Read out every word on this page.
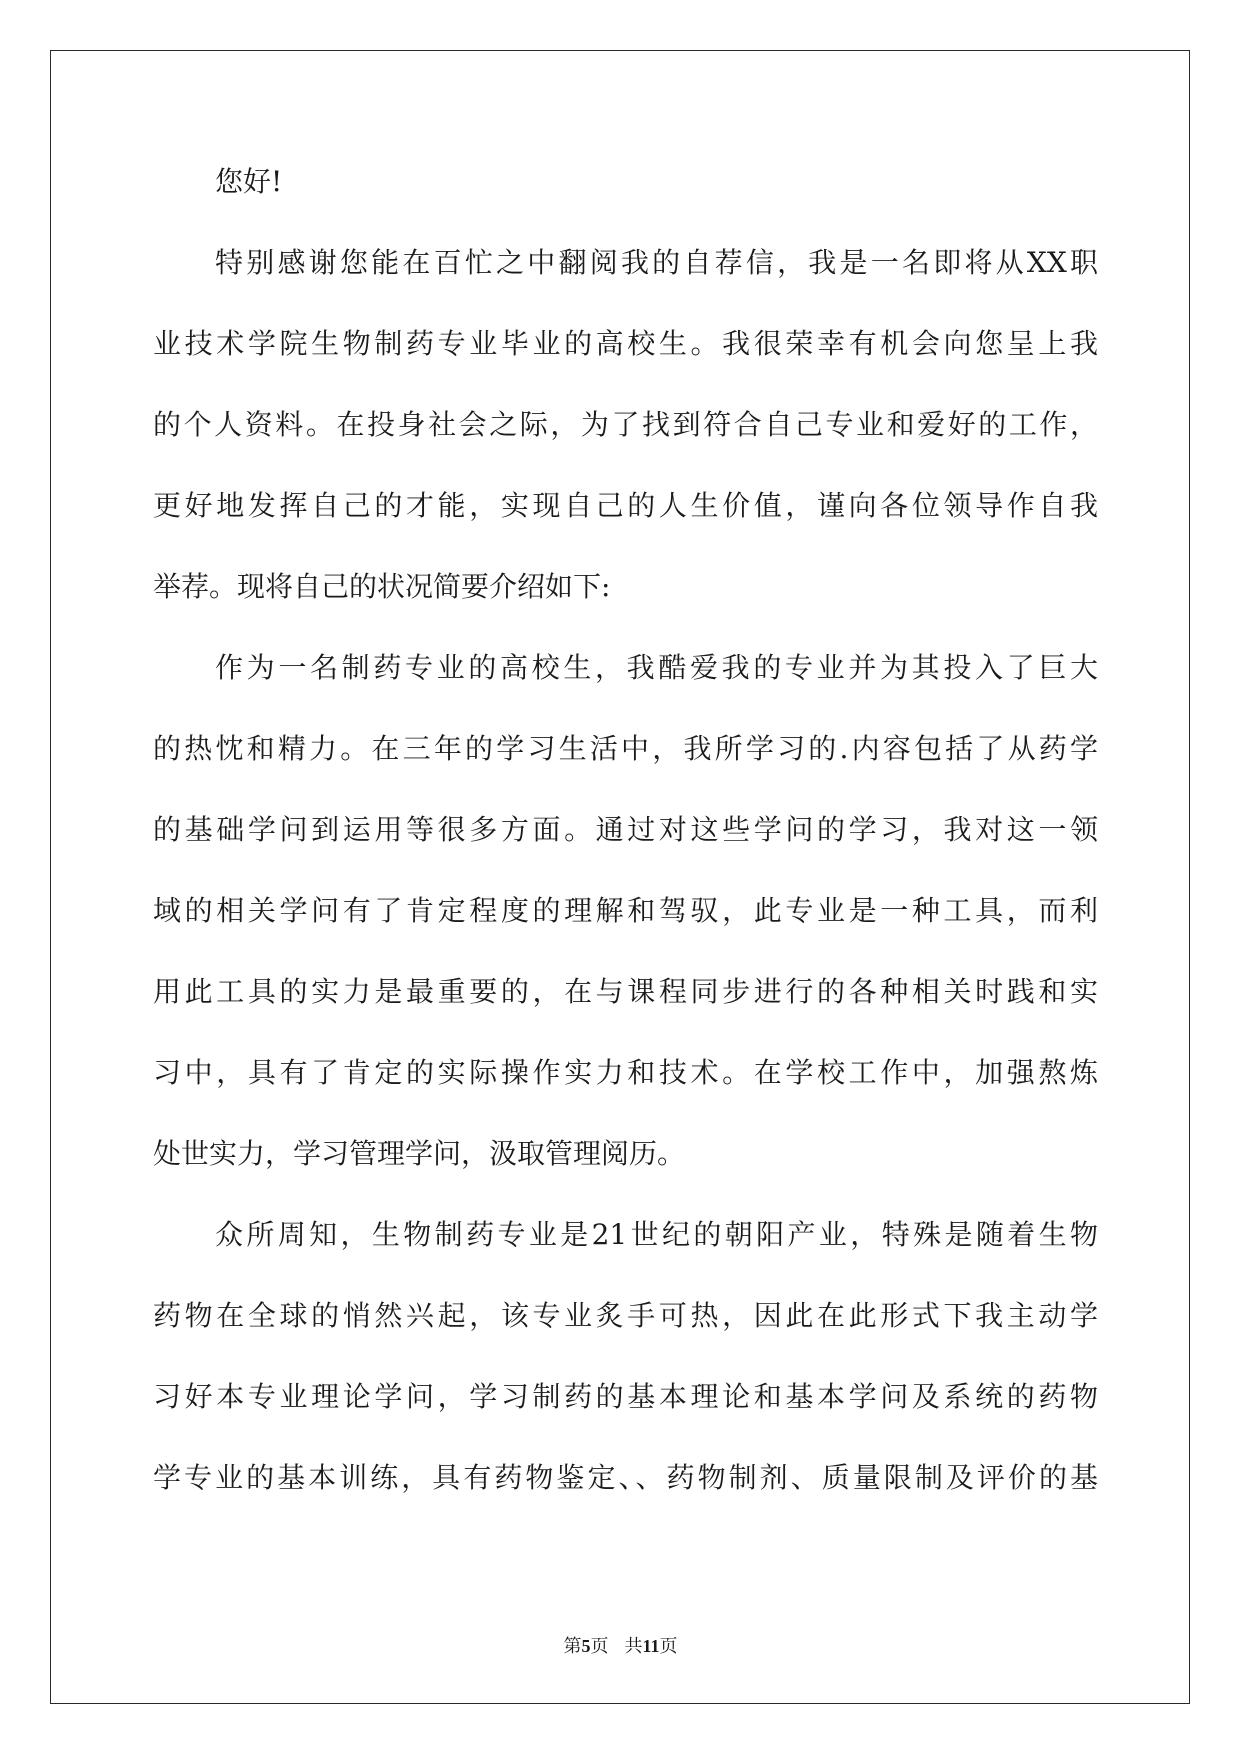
您好!
特别感谢您能在百忙之中翻阅我的自荐信，我是一名即将从XX职
业技术学院生物制药专业毕业的高校生。我很荣幸有机会向您呈上我
的个人资料。在投身社会之际，为了找到符合自己专业和爱好的工作，
更好地发挥自己的才能，实现自己的人生价值，谨向各位领导作自我
举荐。现将自己的状况简要介绍如下:
作为一名制药专业的高校生，我酷爱我的专业并为其投入了巨大
的热忱和精力。在三年的学习生活中，我所学习的.内容包括了从药学
的基础学问到运用等很多方面。通过对这些学问的学习，我对这一领
域的相关学问有了肯定程度的理解和驾驭，此专业是一种工具，而利
用此工具的实力是最重要的，在与课程同步进行的各种相关时践和实
习中，具有了肯定的实际操作实力和技术。在学校工作中，加强熬炼
处世实力，学习管理学问，汲取管理阅历。
众所周知，生物制药专业是21世纪的朝阳产业，特殊是随着生物
药物在全球的悄然兴起，该专业炙手可热，因此在此形式下我主动学
习好本专业理论学问，学习制药的基本理论和基本学问及系统的药物
学专业的基本训练，具有药物鉴定、、药物制剂、质量限制及评价的基
第5页 共11页
